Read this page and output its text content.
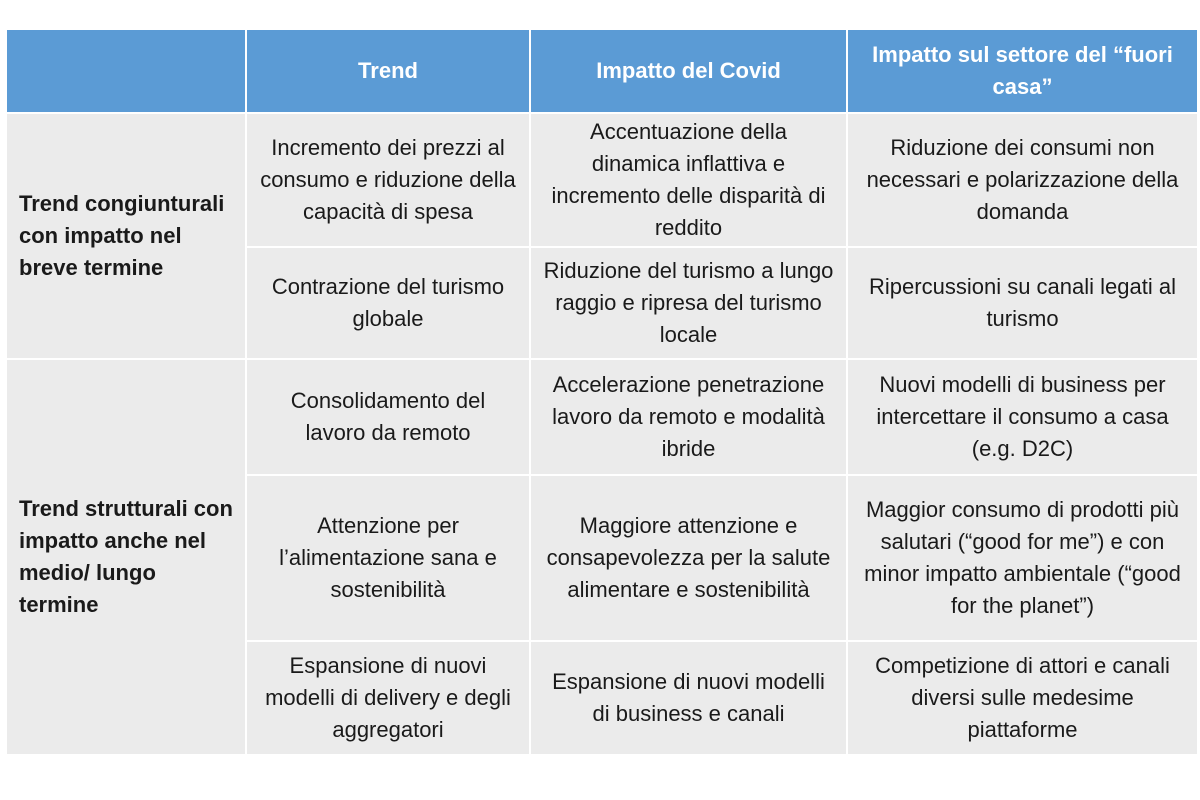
Trend	Impatto del Covid
Impatto sul settore del “fuori casa”
Trend congiunturali con impatto nel breve termine
Incremento dei prezzi al consumo e riduzione della capacità di spesa
Accentuazione della dinamica inflattiva e incremento delle disparità di reddito
Riduzione dei consumi non necessari e polarizzazione della domanda
Contrazione del turismo globale
Riduzione del turismo a lungo raggio e ripresa del turismo locale
Ripercussioni su canali legati al turismo
Trend strutturali con impatto anche nel medio/ lungo termine
Consolidamento del lavoro da remoto
Accelerazione penetrazione lavoro da remoto e modalità ibride
Nuovi modelli di business per intercettare il consumo a casa (e.g. D2C)
Attenzione per l’alimentazione sana e sostenibilità
Maggiore attenzione e consapevolezza per la salute alimentare e sostenibilità
Maggior consumo di prodotti più salutari (“good for me”) e con minor impatto ambientale (“good for the planet”)
Espansione di nuovi modelli di delivery e degli aggregatori
Espansione di nuovi modelli di business e canali
Competizione di attori e canali diversi sulle medesime piattaforme
